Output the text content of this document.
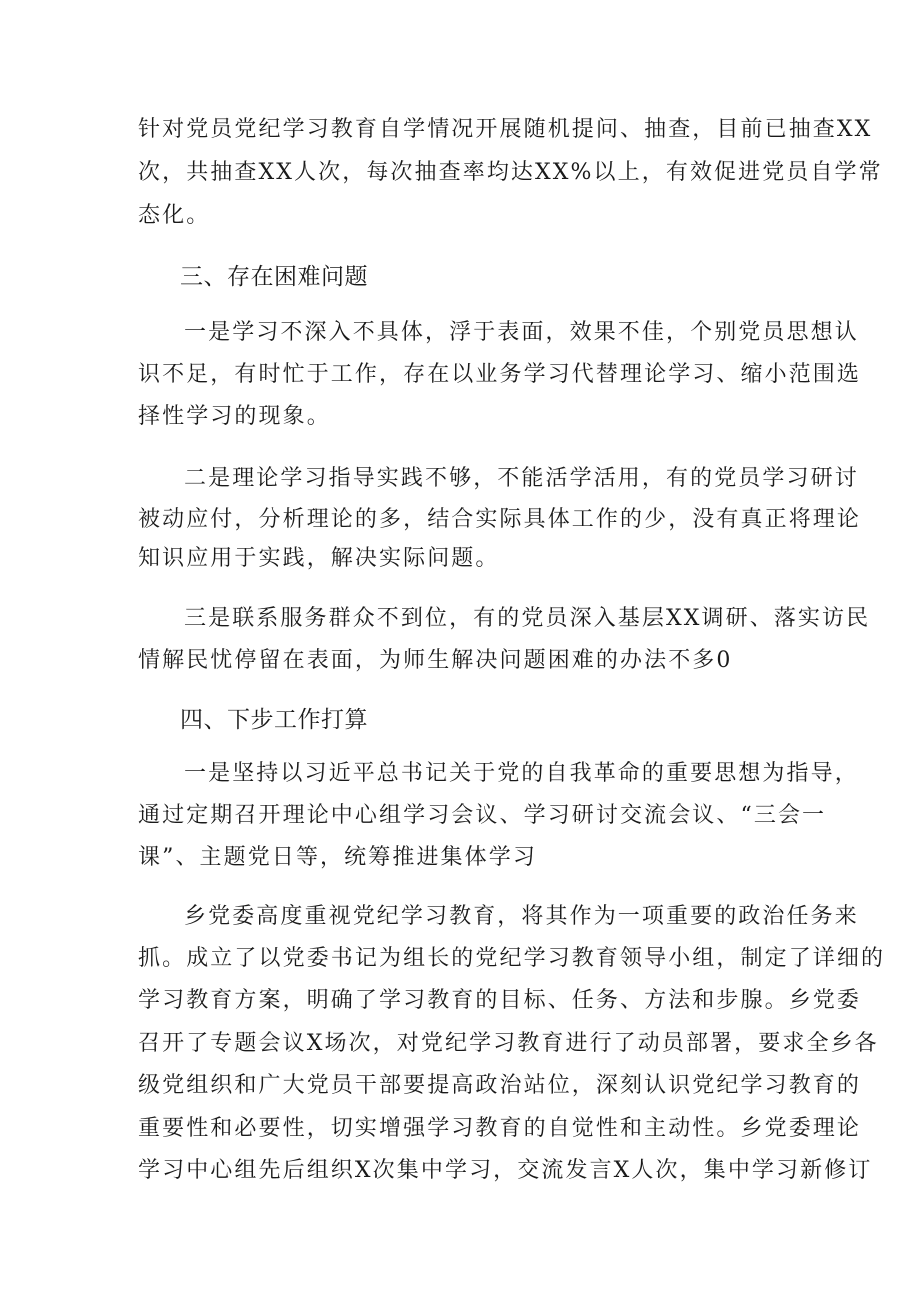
针对党员党纪学习教育自学情况开展随机提问、抽查，目前已抽查XX
次，共抽查XX人次，每次抽查率均达XX%以上，有效促进党员自学常
态化。
三、存在困难问题
一是学习不深入不具体，浮于表面，效果不佳，个别党员思想认
识不足，有时忙于工作，存在以业务学习代替理论学习、缩小范围选
择性学习的现象。
二是理论学习指导实践不够，不能活学活用，有的党员学习研讨
被动应付，分析理论的多，结合实际具体工作的少，没有真正将理论
知识应用于实践，解决实际问题。
三是联系服务群众不到位，有的党员深入基层XX调研、落实访民
情解民忧停留在表面，为师生解决问题困难的办法不多0
四、下步工作打算
一是坚持以习近平总书记关于党的自我革命的重要思想为指导，
通过定期召开理论中心组学习会议、学习研讨交流会议、“三会一
课”、主题党日等，统筹推进集体学习
乡党委高度重视党纪学习教育，将其作为一项重要的政治任务来
抓。成立了以党委书记为组长的党纪学习教育领导小组，制定了详细的
学习教育方案，明确了学习教育的目标、任务、方法和步腺。乡党委
召开了专题会议X场次，对党纪学习教育进行了动员部署，要求全乡各
级党组织和广大党员干部要提高政治站位，深刻认识党纪学习教育的
重要性和必要性，切实增强学习教育的自觉性和主动性。乡党委理论
学习中心组先后组织X次集中学习，交流发言X人次，集中学习新修订
